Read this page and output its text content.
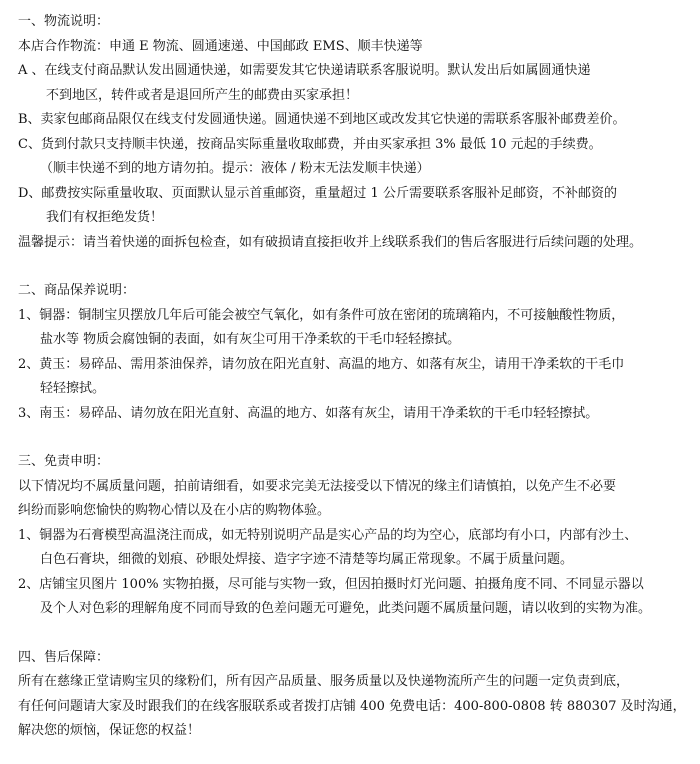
一、物流说明：
本店合作物流：申通 E 物流、圆通速递、中国邮政 EMS、顺丰快递等
A 、在线支付商品默认发出圆通快递，如需要发其它快递请联系客服说明。默认发出后如属圆通快递
不到地区，转件或者是退回所产生的邮费由买家承担！
B、卖家包邮商品限仅在线支付发圆通快递。圆通快递不到地区或改发其它快递的需联系客服补邮费差价。
C、货到付款只支持顺丰快递，按商品实际重量收取邮费，并由买家承担 3% 最低 10 元起的手续费。
（顺丰快递不到的地方请勿拍。提示：液体 / 粉末无法发顺丰快递）
D、邮费按实际重量收取、页面默认显示首重邮资，重量超过 1 公斤需要联系客服补足邮资，不补邮资的
我们有权拒绝发货！
温馨提示：请当着快递的面拆包检查，如有破损请直接拒收并上线联系我们的售后客服进行后续问题的处理。
二、商品保养说明：
1、铜器：铜制宝贝摆放几年后可能会被空气氧化，如有条件可放在密闭的琉璃箱内，不可接触酸性物质，
盐水等 物质会腐蚀铜的表面，如有灰尘可用干净柔软的干毛巾轻轻擦拭。
2、黄玉：易碎品、需用茶油保养，请勿放在阳光直射、高温的地方、如落有灰尘，请用干净柔软的干毛巾
轻轻擦拭。
3、南玉：易碎品、请勿放在阳光直射、高温的地方、如落有灰尘，请用干净柔软的干毛巾轻轻擦拭。
三、免责申明：
以下情况均不属质量问题，拍前请细看，如要求完美无法接受以下情况的缘主们请慎拍，以免产生不必要
纠纷而影响您愉快的购物心情以及在小店的购物体验。
1、铜器为石膏模型高温浇注而成，如无特别说明产品是实心产品的均为空心，底部均有小口，内部有沙土、
白色石膏块，细微的划痕、砂眼处焊接、造字字迹不清楚等均属正常现象。不属于质量问题。
2、店铺宝贝图片 100% 实物拍摄，尽可能与实物一致，但因拍摄时灯光问题、拍摄角度不同、不同显示器以
及个人对色彩的理解角度不同而导致的色差问题无可避免，此类问题不属质量问题，请以收到的实物为准。
四、售后保障：
所有在慈缘正堂请购宝贝的缘粉们，所有因产品质量、服务质量以及快递物流所产生的问题一定负责到底，
有任何问题请大家及时跟我们的在线客服联系或者拨打店铺 400 免费电话：400-800-0808 转 880307 及时沟通，
解决您的烦恼，保证您的权益！
